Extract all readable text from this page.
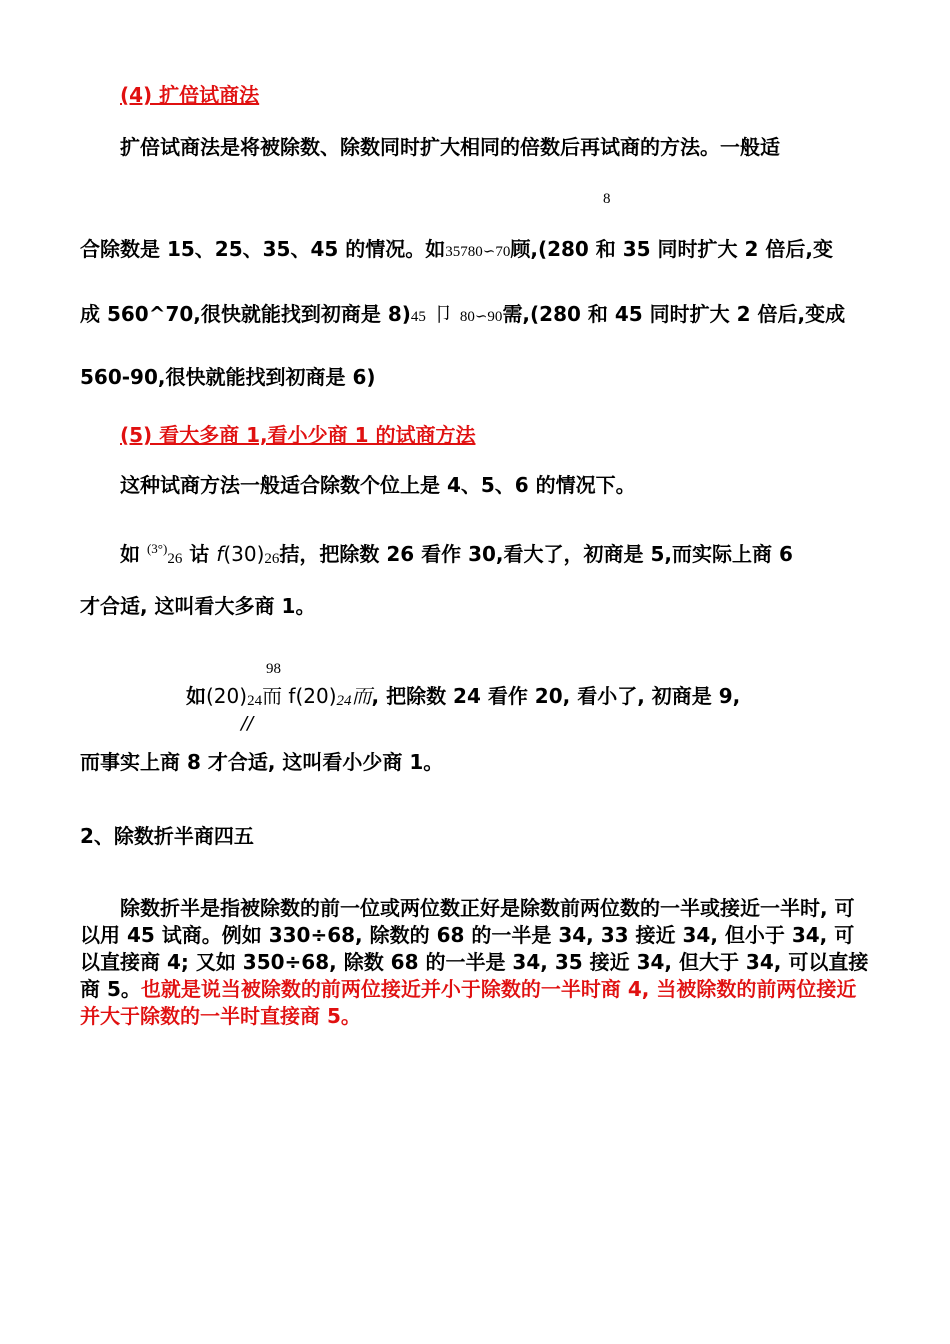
(4) 扩倍试商法
扩倍试商法是将被除数、除数同时扩大相同的倍数后再试商的方法。一般适
8
合除数是 15、25、35、45 的情况。如35780∽70顾,(280 和 35 同时扩大 2 倍后,变
成 560^70,很快就能找到初商是 8)45 卩 80∽90需,(280 和 45 同时扩大 2 倍后,变成
560-90,很快就能找到初商是 6)
(5) 看大多商 1,看小少商 1 的试商方法
这种试商方法一般适合除数个位上是 4、5、6 的情况下。
如 $^{(3^\circ)}$26 诂 f(30)26拮，把除数 26 看作 30,看大了，初商是 5,而实际上商 6
才合适, 这叫看大多商 1。
98
如(20)24而 f(20)24而, 把除数 24 看作 20, 看小了, 初商是 9,
//
而事实上商 8 才合适, 这叫看小少商 1。
2、除数折半商四五
除数折半是指被除数的前一位或两位数正好是除数前两位数的一半或接近一半时, 可以用 45 试商。例如 330÷68, 除数的 68 的一半是 34, 33 接近 34, 但小于 34, 可以直接商 4; 又如 350÷68, 除数 68 的一半是 34, 35 接近 34, 但大于 34, 可以直接商 5。也就是说当被除数的前两位接近并小于除数的一半时商 4, 当被除数的前两位接近并大于除数的一半时直接商 5。
